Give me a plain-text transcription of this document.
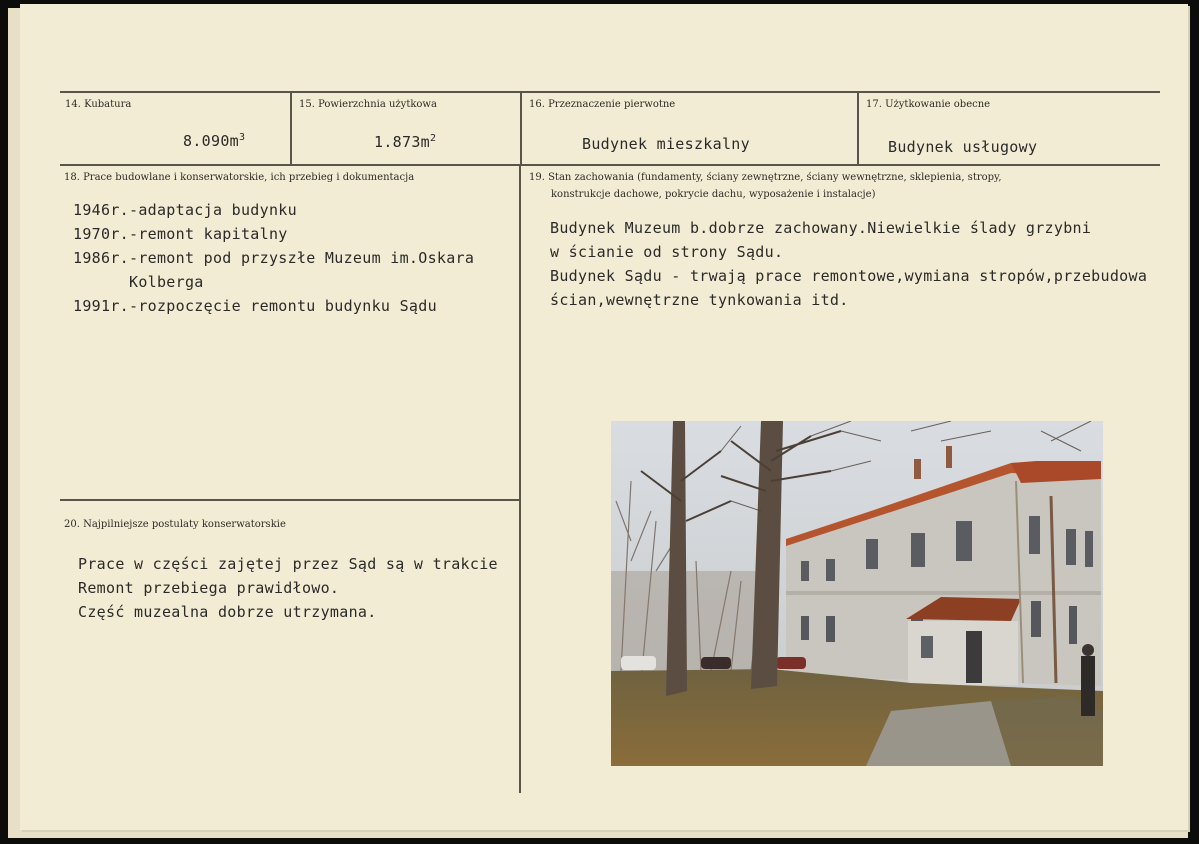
14. Kubatura
$8.090m^3$
15. Powierzchnia użytkowa
$1.873m^2$
16. Przeznaczenie pierwotne
Budynek mieszkalny
17. Użytkowanie obecne
Budynek usługowy
18. Prace budowlane i konserwatorskie, ich przebieg i dokumentacja
1946r.-adaptacja budynku
1970r.-remont kapitalny
1986r.-remont pod przyszłe Muzeum im.Oskara
Kolberga
1991r.-rozpoczęcie remontu budynku Sądu
19. Stan zachowania (fundamenty, ściany zewnętrzne, ściany wewnętrzne, sklepienia, stropy,
konstrukcje dachowe, pokrycie dachu, wyposażenie i instalacje)
Budynek Muzeum b.dobrze zachowany.Niewielkie ślady grzybni
w ścianie od strony Sądu.
Budynek Sądu - trwają prace remontowe,wymiana stropów,przebudowa
ścian,wewnętrzne tynkowania itd.
20. Najpilniejsze postulaty konserwatorskie
Prace w części zajętej przez Sąd są w trakcie
Remont przebiega prawidłowo.
Część muzealna dobrze utrzymana.
